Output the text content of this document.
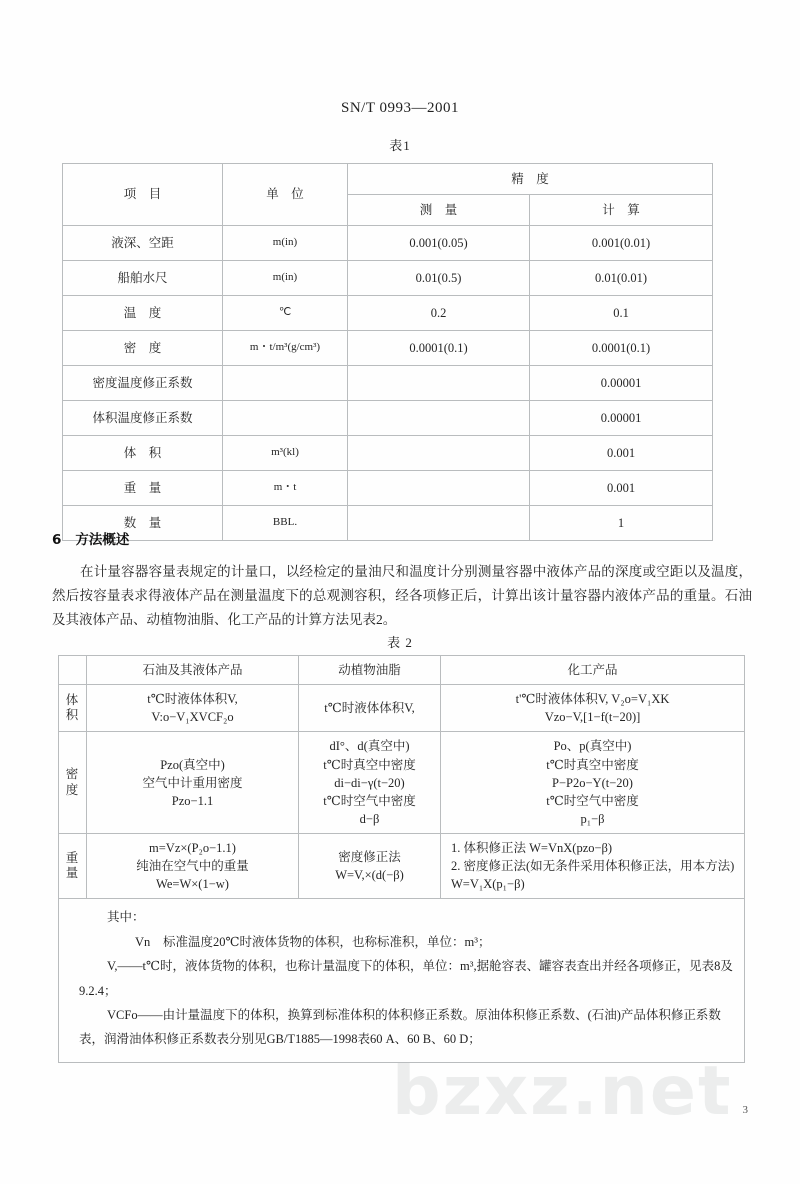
bzxz.net
SN/T 0993—2001
表1
项　目	单　位	精　度	
		测　量	计　算
液深、空距	m(in)	0.001(0.05)	0.001(0.01)
船舶水尺	m(in)	0.01(0.5)	0.01(0.01)
温　度	℃	0.2	0.1
密　度	m・t/m³(g/cm³)	0.0001(0.1)	0.0001(0.1)
密度温度修正系数			0.00001
体积温度修正系数			0.00001
体　积	m³(kl)		0.001
重　量	m・t		0.001
数　量	BBL.		1
6 方法概述
在计量容器容量表规定的计量口，以经检定的量油尺和温度计分别测量容器中液体产品的深度或空距以及温度，然后按容量表求得液体产品在测量温度下的总观测容积，经各项修正后，计算出该计量容器内液体产品的重量。石油及其液体产品、动植物油脂、化工产品的计算方法见表2。
表 2
	石油及其液体产品	动植物油脂	化工产品

体
积	t℃时液体体积V,
V:o−V₁XVCF₂o	t℃时液体体积V,	t'℃时液体体积V, V₂o=V₁XK
Vzo−V,[1−f(t−20)]

密
度	Pzo(真空中)
空气中计重用密度
Pzo−1.1	dI°、d(真空中)
t℃时真空中密度
di−di−γ(t−20)
t℃时空气中密度
d−β	Po、p(真空中)
t℃时真空中密度
P−P2o−Y(t−20)
t℃时空气中密度
p₁−β

重
量	m=Vz×(P₂o−1.1)
纯油在空气中的重量
We=W×(1−w)	密度修正法
W=V,×(d(−β)	1. 体积修正法 W=VnX(pzo−β)
2. 密度修正法(如无条件采用体积修正法，用本方法)
W=V₁X(p₁−β)

其中：
Vn 标准温度20℃时液体货物的体积，也称标准积，单位：m³；
V,——t℃时，液体货物的体积，也称计量温度下的体积，单位：m³,据舱容表、罐容表查出并经各项修正，见表8及9.2.4；
VCFo——由计量温度下的体积，换算到标准体积的体积修正系数。原油体积修正系数、(石油)产品体积修正系数表，润滑油体积修正系数表分别见GB/T1885—1998表60 A、60 B、60 D；			
3
